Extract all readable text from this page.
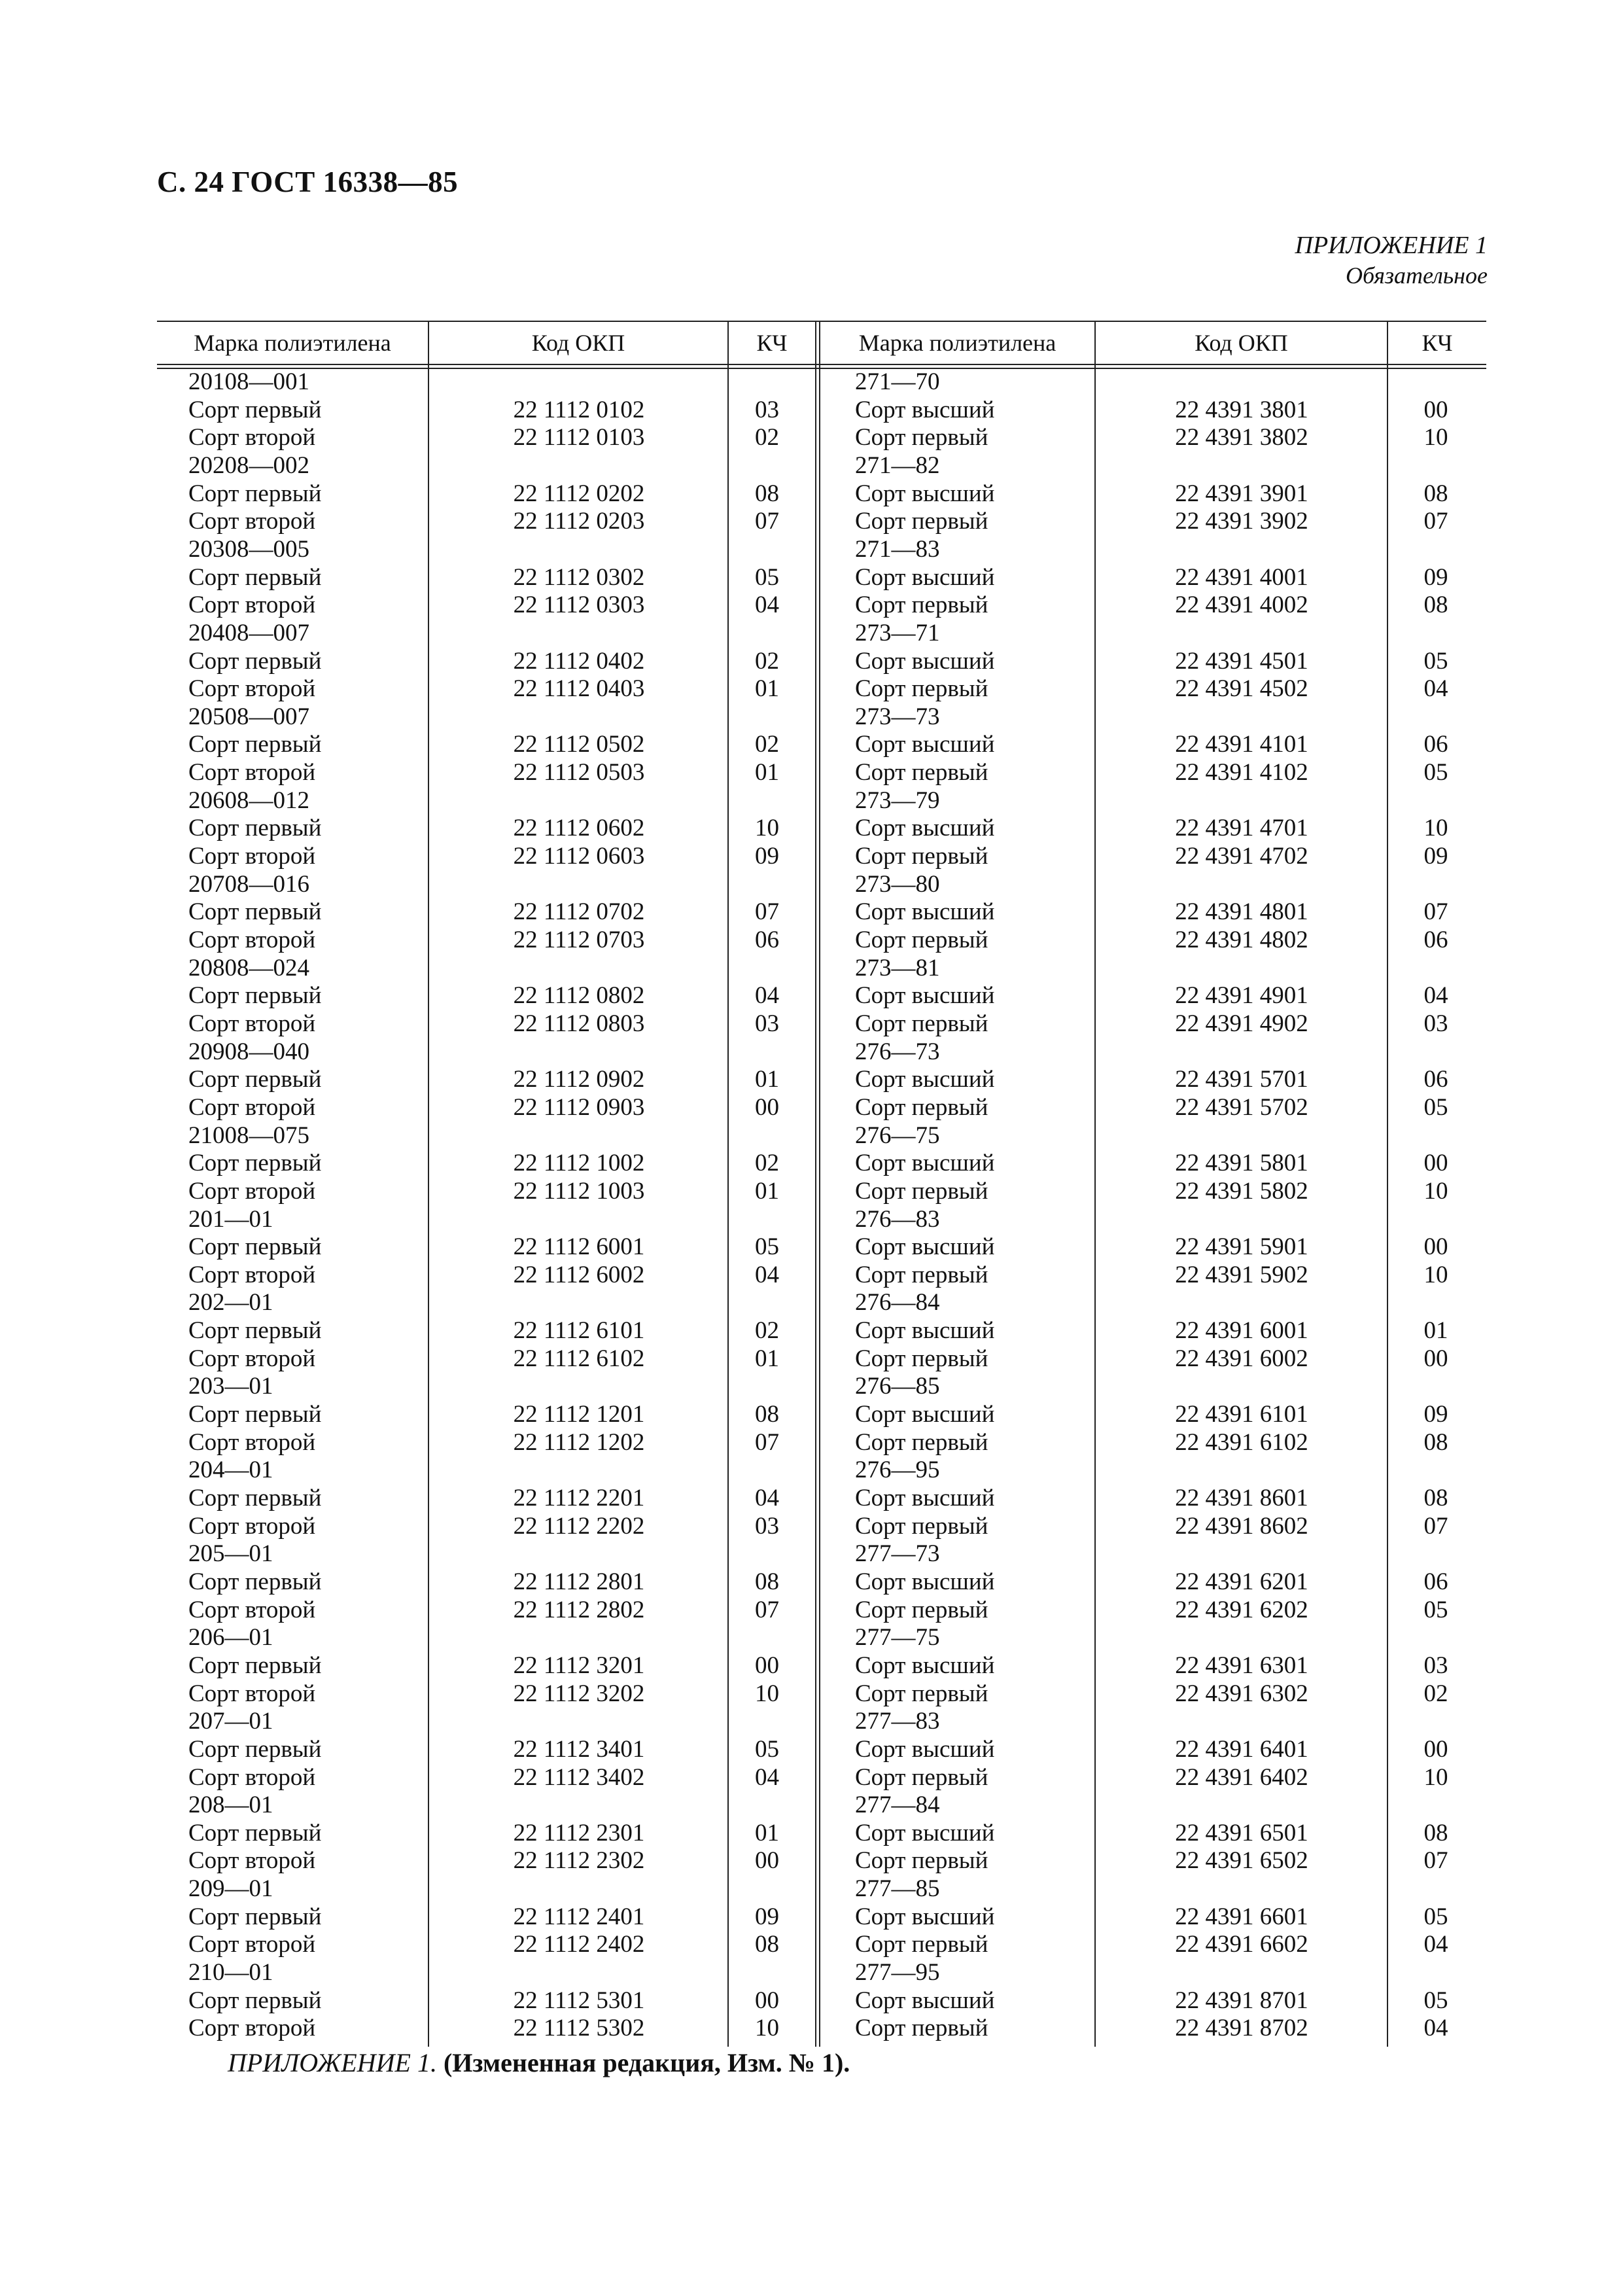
С. 24 ГОСТ 16338—85
ПРИЛОЖЕНИЕ 1
Обязательное
Марка полиэтилена	Код ОКП	КЧ	Марка полиэтилена	Код ОКП	КЧ
20108—001
Сорт первый	22 1112 0102	03
Сорт второй	22 1112 0103	02
20208—002
Сорт первый	22 1112 0202	08
Сорт второй	22 1112 0203	07
20308—005
Сорт первый	22 1112 0302	05
Сорт второй	22 1112 0303	04
20408—007
Сорт первый	22 1112 0402	02
Сорт второй	22 1112 0403	01
20508—007
Сорт первый	22 1112 0502	02
Сорт второй	22 1112 0503	01
20608—012
Сорт первый	22 1112 0602	10
Сорт второй	22 1112 0603	09
20708—016
Сорт первый	22 1112 0702	07
Сорт второй	22 1112 0703	06
20808—024
Сорт первый	22 1112 0802	04
Сорт второй	22 1112 0803	03
20908—040
Сорт первый	22 1112 0902	01
Сорт второй	22 1112 0903	00
21008—075
Сорт первый	22 1112 1002	02
Сорт второй	22 1112 1003	01
201—01
Сорт первый	22 1112 6001	05
Сорт второй	22 1112 6002	04
202—01
Сорт первый	22 1112 6101	02
Сорт второй	22 1112 6102	01
203—01
Сорт первый	22 1112 1201	08
Сорт второй	22 1112 1202	07
204—01
Сорт первый	22 1112 2201	04
Сорт второй	22 1112 2202	03
205—01
Сорт первый	22 1112 2801	08
Сорт второй	22 1112 2802	07
206—01
Сорт первый	22 1112 3201	00
Сорт второй	22 1112 3202	10
207—01
Сорт первый	22 1112 3401	05
Сорт второй	22 1112 3402	04
208—01
Сорт первый	22 1112 2301	01
Сорт второй	22 1112 2302	00
209—01
Сорт первый	22 1112 2401	09
Сорт второй	22 1112 2402	08
210—01
Сорт первый	22 1112 5301	00
Сорт второй	22 1112 5302	10
271—70
Сорт высший	22 4391 3801	00
Сорт первый	22 4391 3802	10
271—82
Сорт высший	22 4391 3901	08
Сорт первый	22 4391 3902	07
271—83
Сорт высший	22 4391 4001	09
Сорт первый	22 4391 4002	08
273—71
Сорт высший	22 4391 4501	05
Сорт первый	22 4391 4502	04
273—73
Сорт высший	22 4391 4101	06
Сорт первый	22 4391 4102	05
273—79
Сорт высший	22 4391 4701	10
Сорт первый	22 4391 4702	09
273—80
Сорт высший	22 4391 4801	07
Сорт первый	22 4391 4802	06
273—81
Сорт высший	22 4391 4901	04
Сорт первый	22 4391 4902	03
276—73
Сорт высший	22 4391 5701	06
Сорт первый	22 4391 5702	05
276—75
Сорт высший	22 4391 5801	00
Сорт первый	22 4391 5802	10
276—83
Сорт высший	22 4391 5901	00
Сорт первый	22 4391 5902	10
276—84
Сорт высший	22 4391 6001	01
Сорт первый	22 4391 6002	00
276—85
Сорт высший	22 4391 6101	09
Сорт первый	22 4391 6102	08
276—95
Сорт высший	22 4391 8601	08
Сорт первый	22 4391 8602	07
277—73
Сорт высший	22 4391 6201	06
Сорт первый	22 4391 6202	05
277—75
Сорт высший	22 4391 6301	03
Сорт первый	22 4391 6302	02
277—83
Сорт высший	22 4391 6401	00
Сорт первый	22 4391 6402	10
277—84
Сорт высший	22 4391 6501	08
Сорт первый	22 4391 6502	07
277—85
Сорт высший	22 4391 6601	05
Сорт первый	22 4391 6602	04
277—95
Сорт высший	22 4391 8701	05
Сорт первый	22 4391 8702	04
ПРИЛОЖЕНИЕ 1. (Измененная редакция, Изм. № 1).
